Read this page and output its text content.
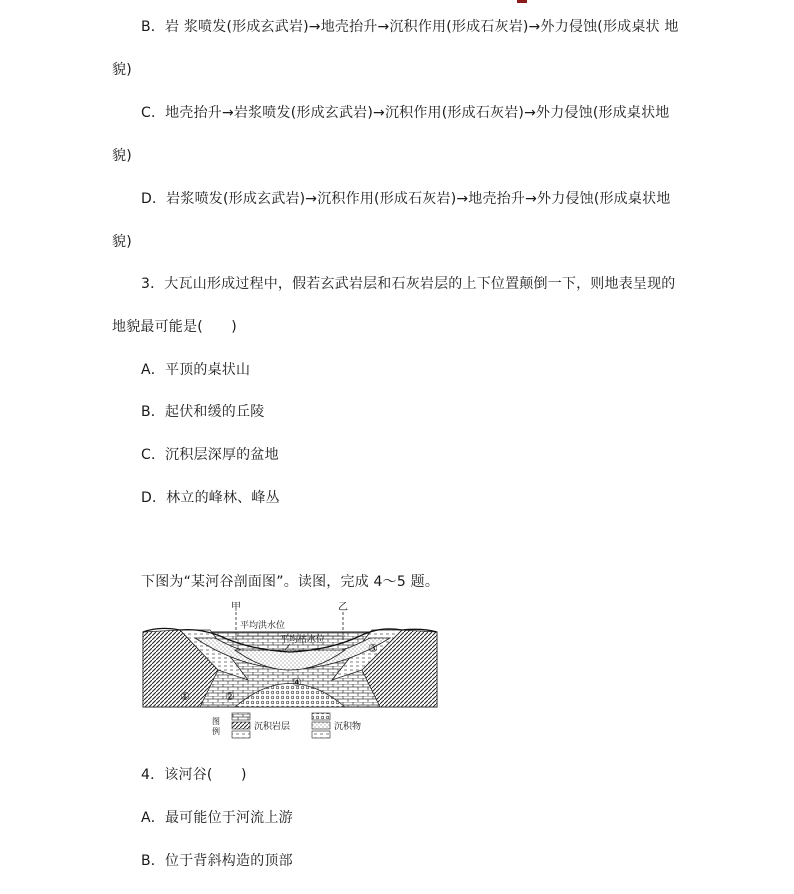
B．岩 浆喷发(形成玄武岩)→地壳抬升→沉积作用(形成石灰岩)→外力侵蚀(形成桌状 地
貌)
C．地壳抬升→岩浆喷发(形成玄武岩)→沉积作用(形成石灰岩)→外力侵蚀(形成桌状地
貌)
D．岩浆喷发(形成玄武岩)→沉积作用(形成石灰岩)→地壳抬升→外力侵蚀(形成桌状地
貌)
3．大瓦山形成过程中，假若玄武岩层和石灰岩层的上下位置颠倒一下，则地表呈现的
地貌最可能是(　　)
A．平顶的桌状山
B．起伏和缓的丘陵
C．沉积层深厚的盆地
D．林立的峰林、峰丛
下图为“某河谷剖面图”。读图，完成 4～5 题。
甲	乙
平均洪水位
平均枯水位
①	②
③
④
图
例	沉积岩层	沉积物
4．该河谷(　　)
A．最可能位于河流上游
B．位于背斜构造的顶部
